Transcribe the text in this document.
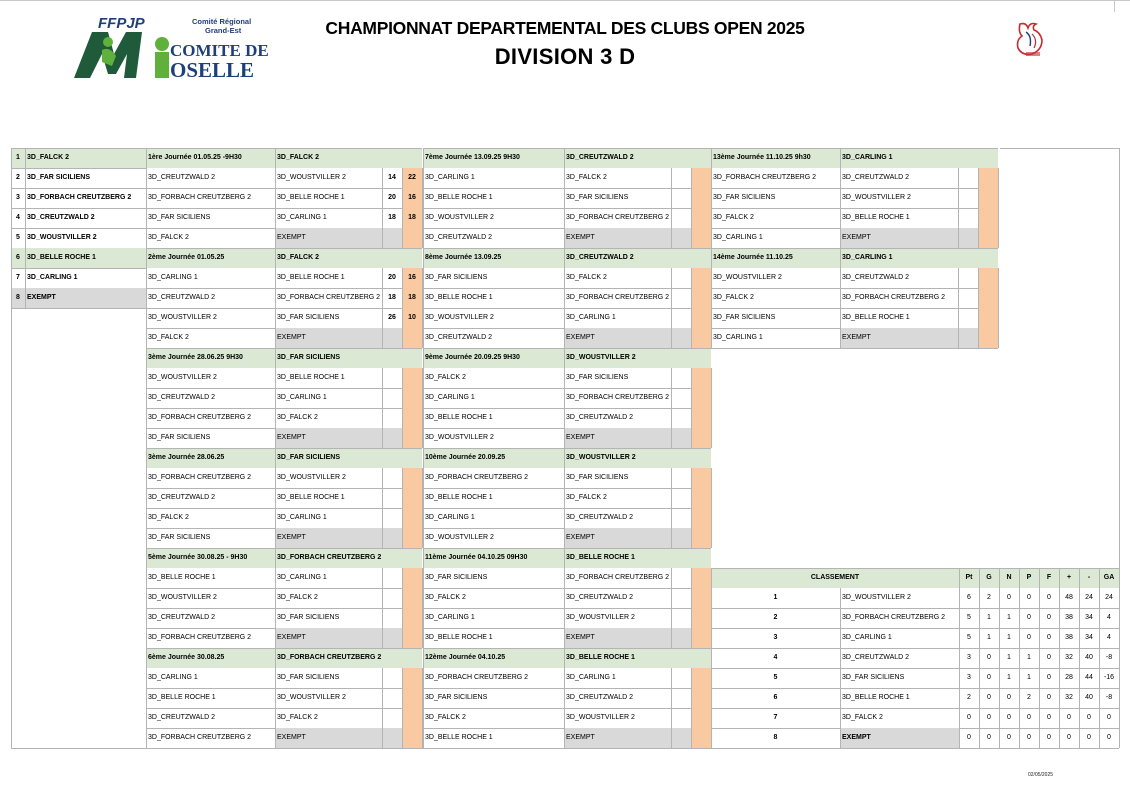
FFPJP	Comité Régional
Grand-Est
COMITE DE
OSELLE
CHAMPIONNAT DEPARTEMENTAL DES CLUBS OPEN 2025
DIVISION 3 D
1	3D_FALCK 2
2	3D_FAR SICILIENS
3	3D_FORBACH CREUTZBERG 2
4	3D_CREUTZWALD 2
5	3D_WOUSTVILLER 2
6	3D_BELLE ROCHE 1
7	3D_CARLING 1
8	EXEMPT
1ère Journée 01.05.25 -9H30	3D_FALCK 2
3D_CREUTZWALD 2	3D_WOUSTVILLER 2	14	22
3D_FORBACH CREUTZBERG 2	3D_BELLE ROCHE 1	20	16
3D_FAR SICILIENS	3D_CARLING 1	18	18
3D_FALCK 2	EXEMPT
2ème Journée 01.05.25	3D_FALCK 2
3D_CARLING 1	3D_BELLE ROCHE 1	20	16
3D_CREUTZWALD 2	3D_FORBACH CREUTZBERG 2	18	18
3D_WOUSTVILLER 2	3D_FAR SICILIENS	26	10
3D_FALCK 2	EXEMPT
3ème Journée 28.06.25 9H30	3D_FAR SICILIENS
3D_WOUSTVILLER 2	3D_BELLE ROCHE 1
3D_CREUTZWALD 2	3D_CARLING 1
3D_FORBACH CREUTZBERG 2	3D_FALCK 2
3D_FAR SICILIENS	EXEMPT
3ème Journée 28.06.25	3D_FAR SICILIENS
3D_FORBACH CREUTZBERG 2	3D_WOUSTVILLER 2
3D_CREUTZWALD 2	3D_BELLE ROCHE 1
3D_FALCK 2	3D_CARLING 1
3D_FAR SICILIENS	EXEMPT
5ème Journée 30.08.25 - 9H30	3D_FORBACH CREUTZBERG 2
3D_BELLE ROCHE 1	3D_CARLING 1
3D_WOUSTVILLER 2	3D_FALCK 2
3D_CREUTZWALD 2	3D_FAR SICILIENS
3D_FORBACH CREUTZBERG 2	EXEMPT
6ème Journée 30.08.25	3D_FORBACH CREUTZBERG 2
3D_CARLING 1	3D_FAR SICILIENS
3D_BELLE ROCHE 1	3D_WOUSTVILLER 2
3D_CREUTZWALD 2	3D_FALCK 2
3D_FORBACH CREUTZBERG 2	EXEMPT
7ème Journée 13.09.25 9H30	3D_CREUTZWALD 2
3D_CARLING 1	3D_FALCK 2
3D_BELLE ROCHE 1	3D_FAR SICILIENS
3D_WOUSTVILLER 2	3D_FORBACH CREUTZBERG 2
3D_CREUTZWALD 2	EXEMPT
8ème Journée 13.09.25	3D_CREUTZWALD 2
3D_FAR SICILIENS	3D_FALCK 2
3D_BELLE ROCHE 1	3D_FORBACH CREUTZBERG 2
3D_WOUSTVILLER 2	3D_CARLING 1
3D_CREUTZWALD 2	EXEMPT
9ème Journée 20.09.25 9H30	3D_WOUSTVILLER 2
3D_FALCK 2	3D_FAR SICILIENS
3D_CARLING 1	3D_FORBACH CREUTZBERG 2
3D_BELLE ROCHE 1	3D_CREUTZWALD 2
3D_WOUSTVILLER 2	EXEMPT
10ème Journée 20.09.25	3D_WOUSTVILLER 2
3D_FORBACH CREUTZBERG 2	3D_FAR SICILIENS
3D_BELLE ROCHE 1	3D_FALCK 2
3D_CARLING 1	3D_CREUTZWALD 2
3D_WOUSTVILLER 2	EXEMPT
11ème Journée 04.10.25 09H30	3D_BELLE ROCHE 1
3D_FAR SICILIENS	3D_FORBACH CREUTZBERG 2
3D_FALCK 2	3D_CREUTZWALD 2
3D_CARLING 1	3D_WOUSTVILLER 2
3D_BELLE ROCHE 1	EXEMPT
12ème Journée 04.10.25	3D_BELLE ROCHE 1
3D_FORBACH CREUTZBERG 2	3D_CARLING 1
3D_FAR SICILIENS	3D_CREUTZWALD 2
3D_FALCK 2	3D_WOUSTVILLER 2
3D_BELLE ROCHE 1	EXEMPT
13ème Journée 11.10.25 9h30	3D_CARLING 1
3D_FORBACH CREUTZBERG 2	3D_CREUTZWALD 2
3D_FAR SICILIENS	3D_WOUSTVILLER 2
3D_FALCK 2	3D_BELLE ROCHE 1
3D_CARLING 1	EXEMPT
14ème Journée 11.10.25	3D_CARLING 1
3D_WOUSTVILLER 2	3D_CREUTZWALD 2
3D_FALCK 2	3D_FORBACH CREUTZBERG 2
3D_FAR SICILIENS	3D_BELLE ROCHE 1
3D_CARLING 1	EXEMPT
CLASSEMENT	Pt	G	N	P	F	+	-	GA
1	3D_WOUSTVILLER 2	6	2	0	0	0	48	24	24
2	3D_FORBACH CREUTZBERG 2	5	1	1	0	0	38	34	4
3	3D_CARLING 1	5	1	1	0	0	38	34	4
4	3D_CREUTZWALD 2	3	0	1	1	0	32	40	-8
5	3D_FAR SICILIENS	3	0	1	1	0	28	44	-16
6	3D_BELLE ROCHE 1	2	0	0	2	0	32	40	-8
7	3D_FALCK 2	0	0	0	0	0	0	0	0
8	EXEMPT	0	0	0	0	0	0	0	0
02/05/2025
